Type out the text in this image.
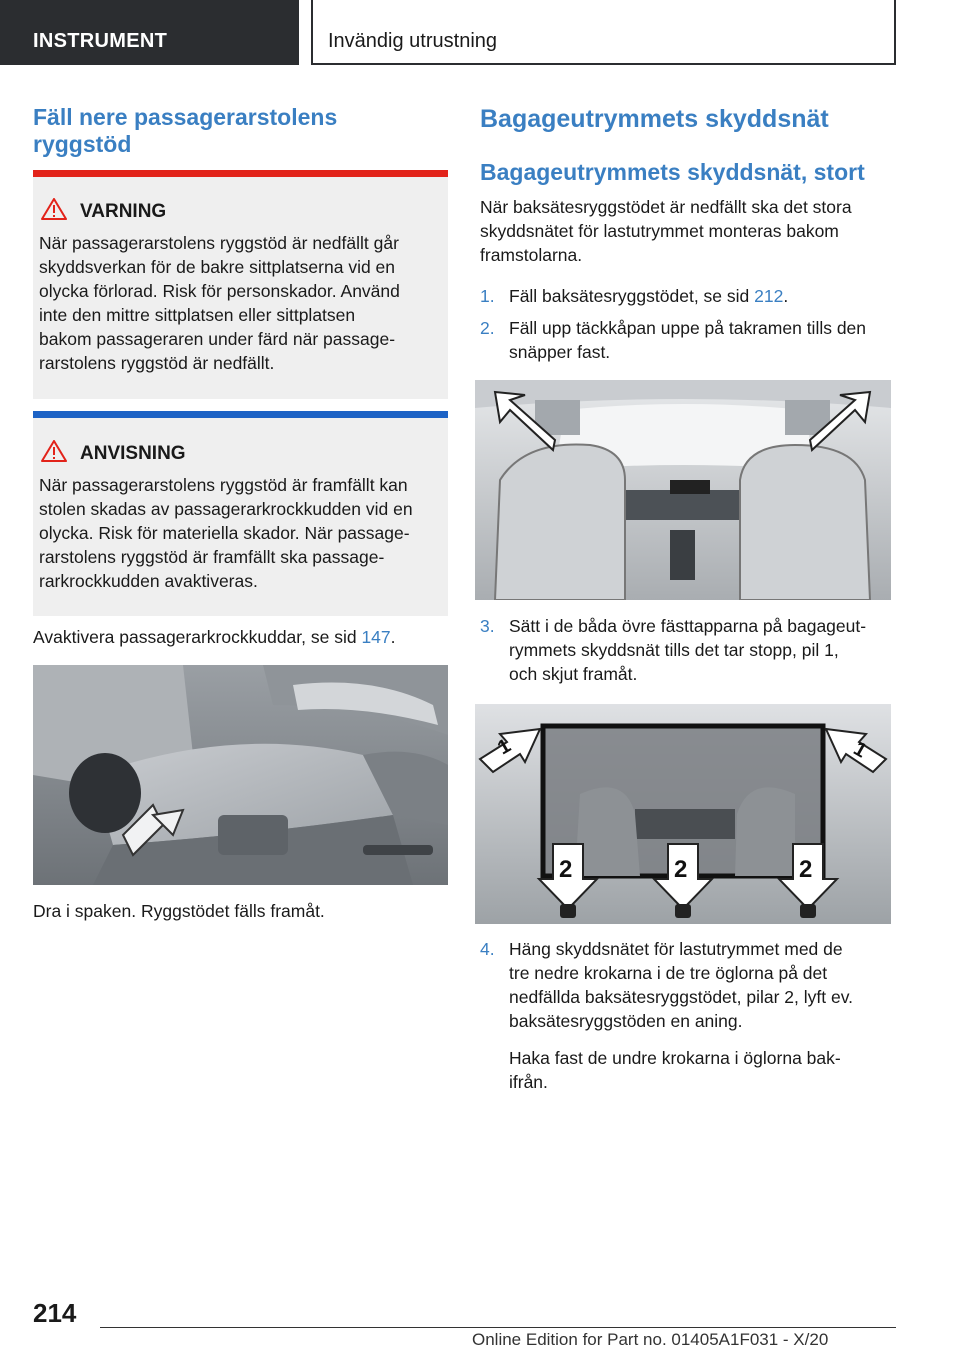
INSTRUMENT	Invändig utrustning
Fäll nere passagerarstolens
ryggstöd
VARNING
När passagerarstolens ryggstöd är nedfällt går
skyddsverkan för de bakre sittplatserna vid en
olycka förlorad. Risk för personskador. Använd
inte den mittre sittplatsen eller sittplatsen
bakom passageraren under färd när passage-
rarstolens ryggstöd är nedfällt.
ANVISNING
När passagerarstolens ryggstöd är framfällt kan
stolen skadas av passagerarkrockkudden vid en
olycka. Risk för materiella skador. När passage-
rarstolens ryggstöd är framfällt ska passage-
rarkrockkudden avaktiveras.

Avaktivera passagerarkrockkuddar, se sid 147.

Dra i spaken. Ryggstödet fälls framåt.

Bagageutrymmets skyddsnät
Bagageutrymmets skyddsnät, stort
När baksätesryggstödet är nedfällt ska det stora
skyddsnätet för lastutrymmet monteras bakom
framstolarna.
1. Fäll baksätesryggstödet, se sid 212.
2. Fäll upp täckkåpan uppe på takramen tills den
snäpper fast.
3. Sätt i de båda övre fästtapparna på bagageut-
rymmets skyddsnät tills det tar stopp, pil 1,
och skjut framåt.
1	1
2	2	2
4. Häng skyddsnätet för lastutrymmet med de
tre nedre krokarna i de tre öglorna på det
nedfällda baksätesryggstödet, pilar 2, lyft ev.
baksätesryggstöden en aning.
Haka fast de undre krokarna i öglorna bak-
ifrån.
214
Online Edition for Part no. 01405A1F031 - X/20
